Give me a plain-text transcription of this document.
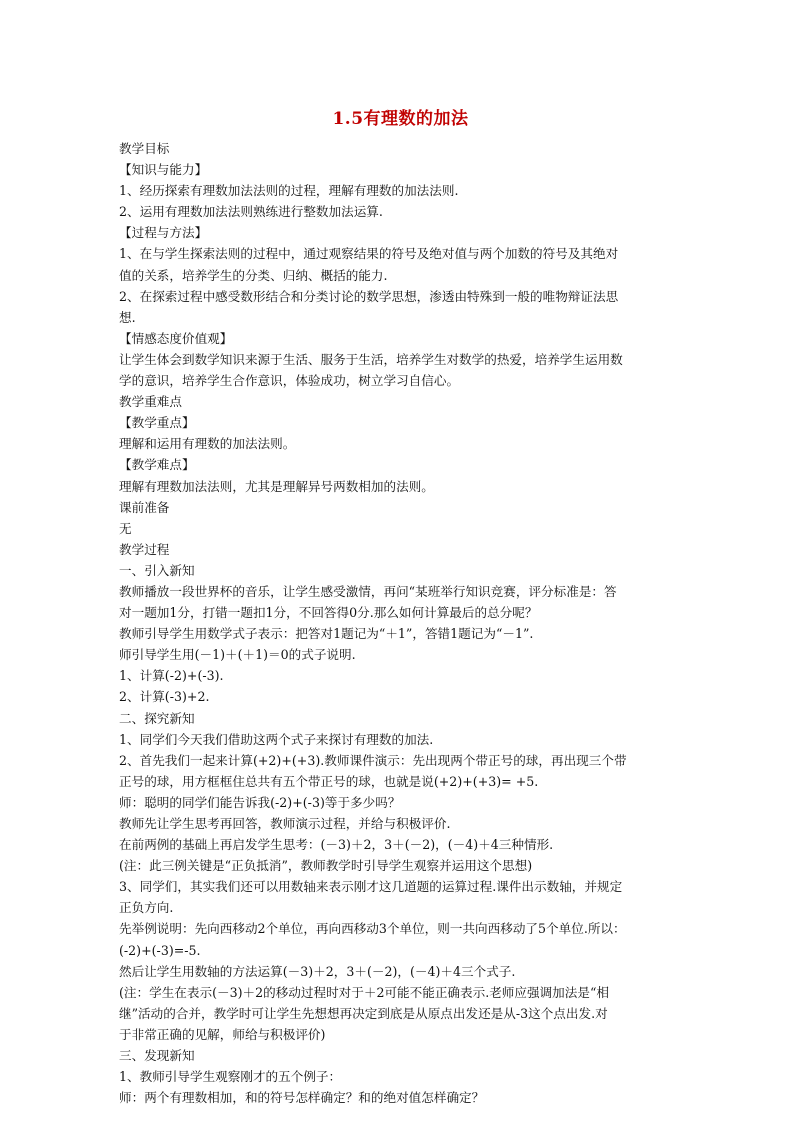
1.5有理数的加法
教学目标
【知识与能力】
1、经历探索有理数加法法则的过程，理解有理数的加法法则.
2、运用有理数加法法则熟练进行整数加法运算.
【过程与方法】
1、在与学生探索法则的过程中，通过观察结果的符号及绝对值与两个加数的符号及其绝对
值的关系，培养学生的分类、归纳、概括的能力.
2、在探索过程中感受数形结合和分类讨论的数学思想，渗透由特殊到一般的唯物辩证法思
想.
【情感态度价值观】
让学生体会到数学知识来源于生活、服务于生活，培养学生对数学的热爱，培养学生运用数
学的意识，培养学生合作意识，体验成功，树立学习自信心。
教学重难点
【教学重点】
理解和运用有理数的加法法则。
【教学难点】
理解有理数加法法则，尤其是理解异号两数相加的法则。
课前准备
无
教学过程
一、引入新知
教师播放一段世界杯的音乐，让学生感受激情，再问“某班举行知识竞赛，评分标准是：答
对一题加1分，打错一题扣1分，不回答得0分.那么如何计算最后的总分呢？
教师引导学生用数学式子表示：把答对1题记为“＋1”，答错1题记为“－1”.
师引导学生用(－1)＋(＋1)＝0的式子说明.
1、计算(-2)+(-3).
2、计算(-3)+2.
二、探究新知
1、同学们今天我们借助这两个式子来探讨有理数的加法.
2、首先我们一起来计算(+2)+(+3).教师课件演示：先出现两个带正号的球，再出现三个带
正号的球，用方框框住总共有五个带正号的球，也就是说(+2)+(+3)= +5.
师：聪明的同学们能告诉我(-2)+(-3)等于多少吗？
教师先让学生思考再回答，教师演示过程，并给与积极评价.
在前两例的基础上再启发学生思考：(－3)＋2，3＋(－2)，(－4)＋4三种情形.
(注：此三例关键是“正负抵消”，教师教学时引导学生观察并运用这个思想)
3、同学们，其实我们还可以用数轴来表示刚才这几道题的运算过程.课件出示数轴，并规定
正负方向.
先举例说明：先向西移动2个单位，再向西移动3个单位，则一共向西移动了5个单位.所以：
(-2)+(-3)=-5.
然后让学生用数轴的方法运算(－3)＋2，3＋(－2)，(－4)＋4三个式子.
(注：学生在表示(－3)＋2的移动过程时对于＋2可能不能正确表示.老师应强调加法是“相
继”活动的合并，教学时可让学生先想想再决定到底是从原点出发还是从-3这个点出发.对
于非常正确的见解，师给与积极评价)
三、发现新知
1、教师引导学生观察刚才的五个例子：
师：两个有理数相加，和的符号怎样确定？和的绝对值怎样确定？
